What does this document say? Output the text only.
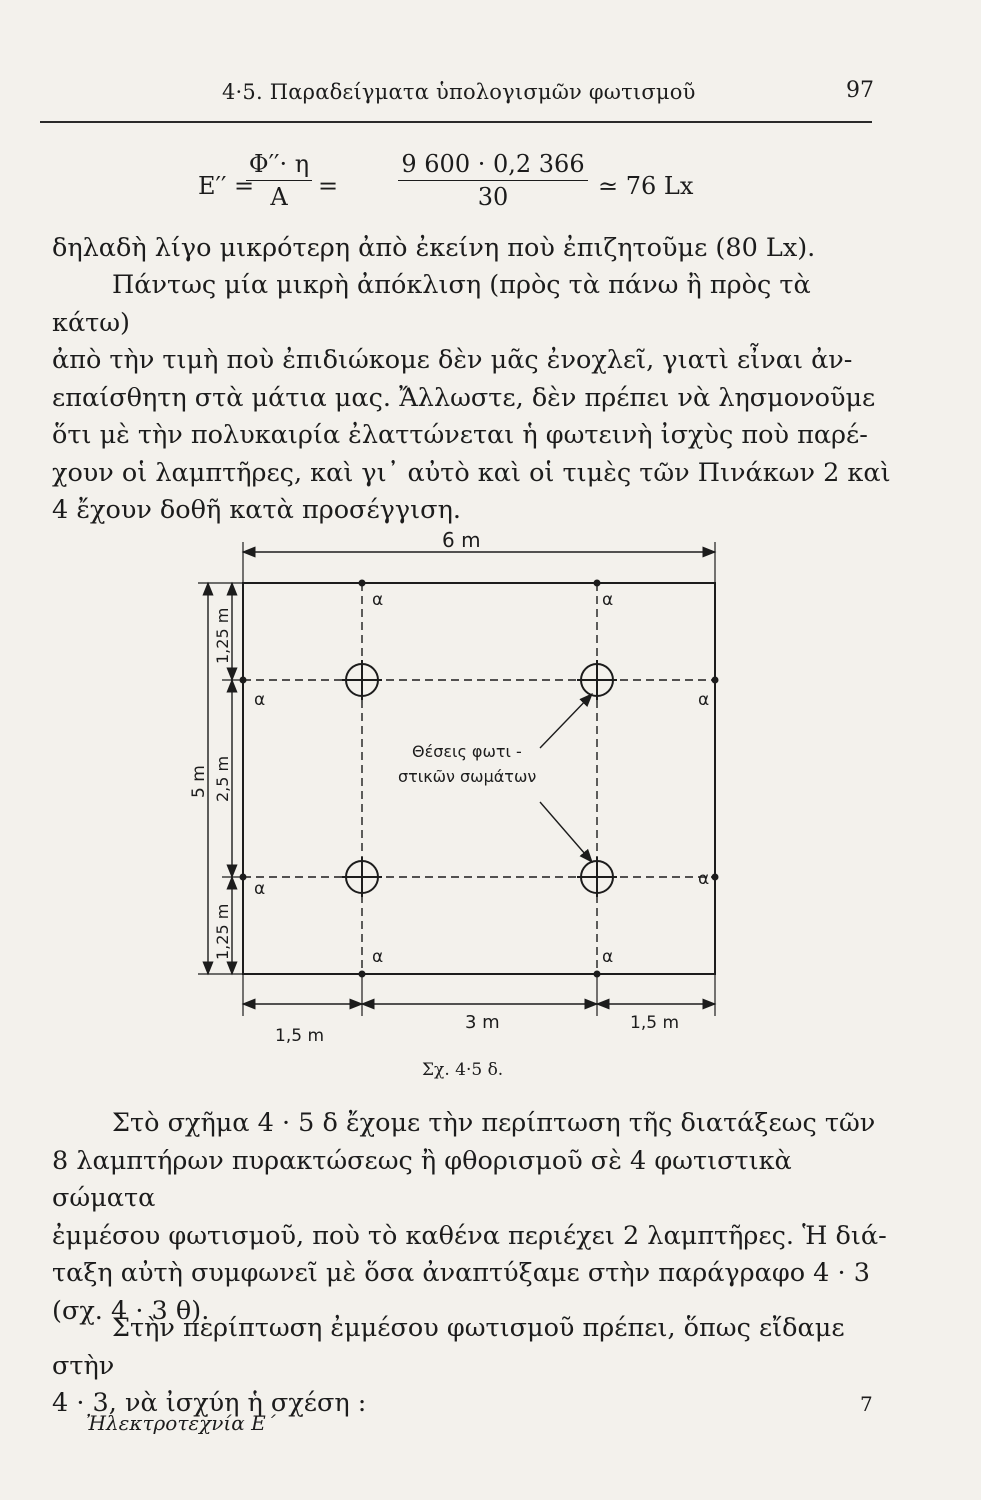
4·5. Παραδείγματα ὑπολογισμῶν φωτισμοῦ	97
E′′ =
$\frac{\Phi''\cdot \eta}{A} = \frac{9 600 \cdot 0,2 366}{30}$ ≃ 76 Lx

δηλαδὴ λίγο μικρότερη ἀπὸ ἐκείνη ποὺ ἐπιζητοῦμε (80 Lx).

Πάντως μία μικρὴ ἀπόκλιση (πρὸς τὰ πάνω ἢ πρὸς τὰ κάτω)

ἀπὸ τὴν τιμὴ ποὺ ἐπιδιώκομε δὲν μᾶς ἐνοχλεῖ, γιατὶ εἶναι ἀν-

επαίσθητη στὰ μάτια μας. Ἄλλωστε, δὲν πρέπει νὰ λησμονοῦμε

ὅτι μὲ τὴν πολυκαιρία ἐλαττώνεται ἡ φωτεινὴ ἰσχὺς ποὺ παρέ-

χουν οἱ λαμπτῆρες, καὶ γι᾽ αὐτὸ καὶ οἱ τιμὲς τῶν Πινάκων 2 καὶ

4 ἔχουν δοθῆ κατὰ προσέγγιση.

6 m
α	α
α	α
α	α
α	α
Θέσεις φωτι -
στικῶν σωμάτων
1,5 m
3 m	1,5 m
Σχ. 4·5 δ.
5 m
1,25 m
2,5 m
1,25 m

Στὸ σχῆμα 4 · 5 δ ἔχομε τὴν περίπτωση τῆς διατάξεως τῶν

8 λαμπτήρων πυρακτώσεως ἢ φθορισμοῦ σὲ 4 φωτιστικὰ σώματα

ἐμμέσου φωτισμοῦ, ποὺ τὸ καθένα περιέχει 2 λαμπτῆρες. Ἡ διά-

ταξη αὐτὴ συμφωνεῖ μὲ ὅσα ἀναπτύξαμε στὴν παράγραφο 4 · 3

(σχ. 4 · 3 θ).

Στὴν περίπτωση ἐμμέσου φωτισμοῦ πρέπει, ὅπως εἴδαμε στὴν

4 · 3, νὰ ἰσχύη ἡ σχέση :

Ἠλεκτροτεχνία Ε΄
7
